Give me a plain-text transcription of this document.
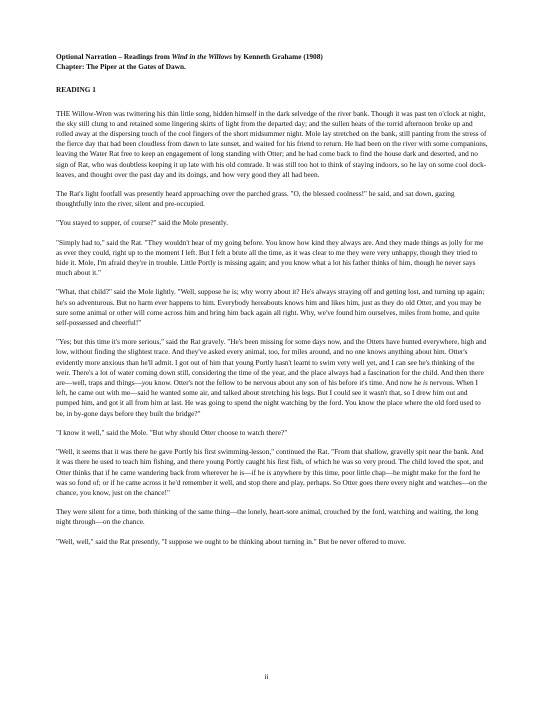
Optional Narration – Readings from Wind in the Willows by Kenneth Grahame (1908)
Chapter: The Piper at the Gates of Dawn.
READING 1

THE Willow-Wren was twittering his thin little song, hidden himself in the dark selvedge of the river bank. Though it was past ten o'clock at night, the sky still clung to and retained some lingering skirts of light from the departed day; and the sullen heats of the torrid afternoon broke up and rolled away at the dispersing touch of the cool fingers of the short midsummer night. Mole lay stretched on the bank, still panting from the stress of the fierce day that had been cloudless from dawn to late sunset, and waited for his friend to return. He had been on the river with some companions, leaving the Water Rat free to keep an engagement of long standing with Otter; and he had come back to find the house dark and deserted, and no sign of Rat, who was doubtless keeping it up late with his old comrade. It was still too hot to think of staying indoors, so he lay on some cool dock-leaves, and thought over the past day and its doings, and how very good they all had been.

The Rat's light footfall was presently heard approaching over the parched grass. "O, the blessed coolness!" he said, and sat down, gazing thoughtfully into the river, silent and pre-occupied.

"You stayed to supper, of course?" said the Mole presently.

"Simply had to," said the Rat. "They wouldn't hear of my going before. You know how kind they always are. And they made things as jolly for me as ever they could, right up to the moment I left. But I felt a brute all the time, as it was clear to me they were very unhappy, though they tried to hide it. Mole, I'm afraid they're in trouble. Little Portly is missing again; and you know what a lot his father thinks of him, though he never says much about it."

"What, that child?" said the Mole lightly. "Well, suppose he is; why worry about it? He's always straying off and getting lost, and turning up again; he's so adventurous. But no harm ever happens to him. Everybody hereabouts knows him and likes him, just as they do old Otter, and you may be sure some animal or other will come across him and bring him back again all right. Why, we've found him ourselves, miles from home, and quite self-possessed and cheerful!"

"Yes; but this time it's more serious," said the Rat gravely. "He's been missing for some days now, and the Otters have hunted everywhere, high and low, without finding the slightest trace. And they've asked every animal, too, for miles around, and no one knows anything about him. Otter's evidently more anxious than he'll admit. I got out of him that young Portly hasn't learnt to swim very well yet, and I can see he's thinking of the weir. There's a lot of water coming down still, considering the time of the year, and the place always had a fascination for the child. And then there are—well, traps and things—you know. Otter's not the fellow to be nervous about any son of his before it's time. And now he is nervous. When I left, he came out with me—said he wanted some air, and talked about stretching his legs. But I could see it wasn't that, so I drew him out and pumped him, and got it all from him at last. He was going to spend the night watching by the ford. You know the place where the old ford used to be, in by-gone days before they built the bridge?"

"I know it well," said the Mole. "But why should Otter choose to watch there?"

"Well, it seems that it was there he gave Portly his first swimming-lesson," continued the Rat. "From that shallow, gravelly spit near the bank. And it was there he used to teach him fishing, and there young Portly caught his first fish, of which he was so very proud. The child loved the spot, and Otter thinks that if he came wandering back from wherever he is—if he is anywhere by this time, poor little chap—he might make for the ford he was so fond of; or if he came across it he'd remember it well, and stop there and play, perhaps. So Otter goes there every night and watches—on the chance, you know, just on the chance!"

They were silent for a time, both thinking of the same thing—the lonely, heart-sore animal, crouched by the ford, watching and waiting, the long night through—on the chance.

"Well, well," said the Rat presently, "I suppose we ought to be thinking about turning in." But he never offered to move.

ii
